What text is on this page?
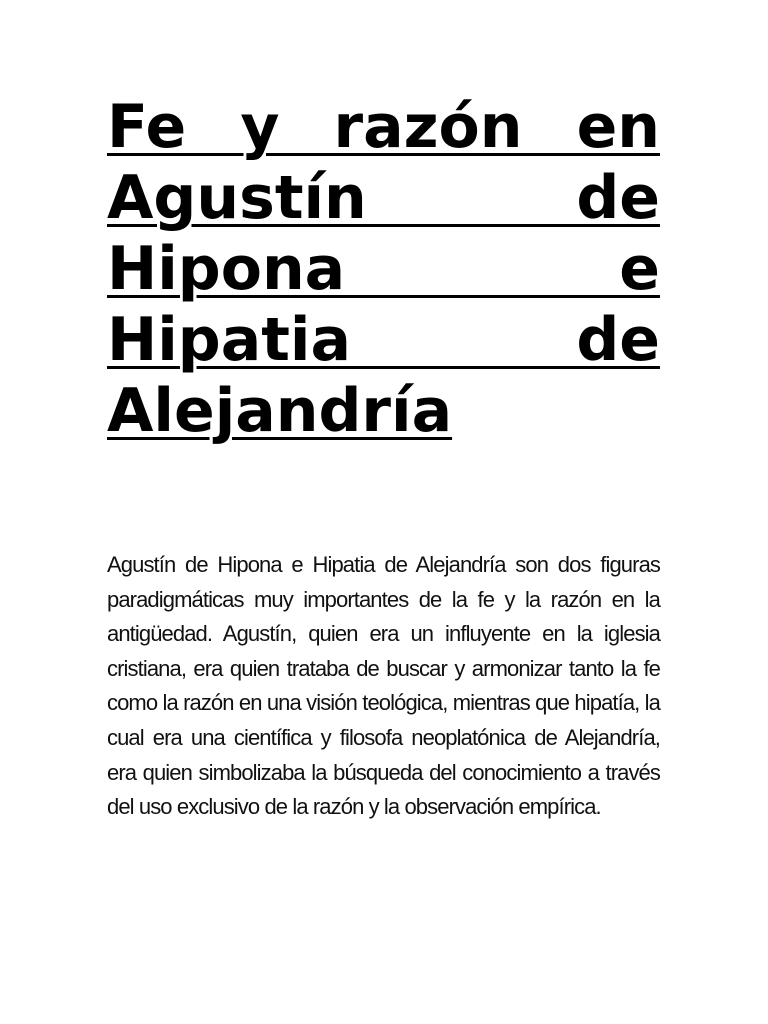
Fe y razón en Agustín de Hipona e Hipatia de Alejandría

Agustín de Hipona e Hipatia de Alejandría son dos figuras paradigmáticas muy importantes de la fe y la razón en la antigüedad. Agustín, quien era un influyente en la iglesia cristiana, era quien trataba de buscar y armonizar tanto la fe como la razón en una visión teológica, mientras que hipatía, la cual era una científica y filosofa neoplatónica de Alejandría, era quien simbolizaba la búsqueda del conocimiento a través del uso exclusivo de la razón y la observación empírica.
